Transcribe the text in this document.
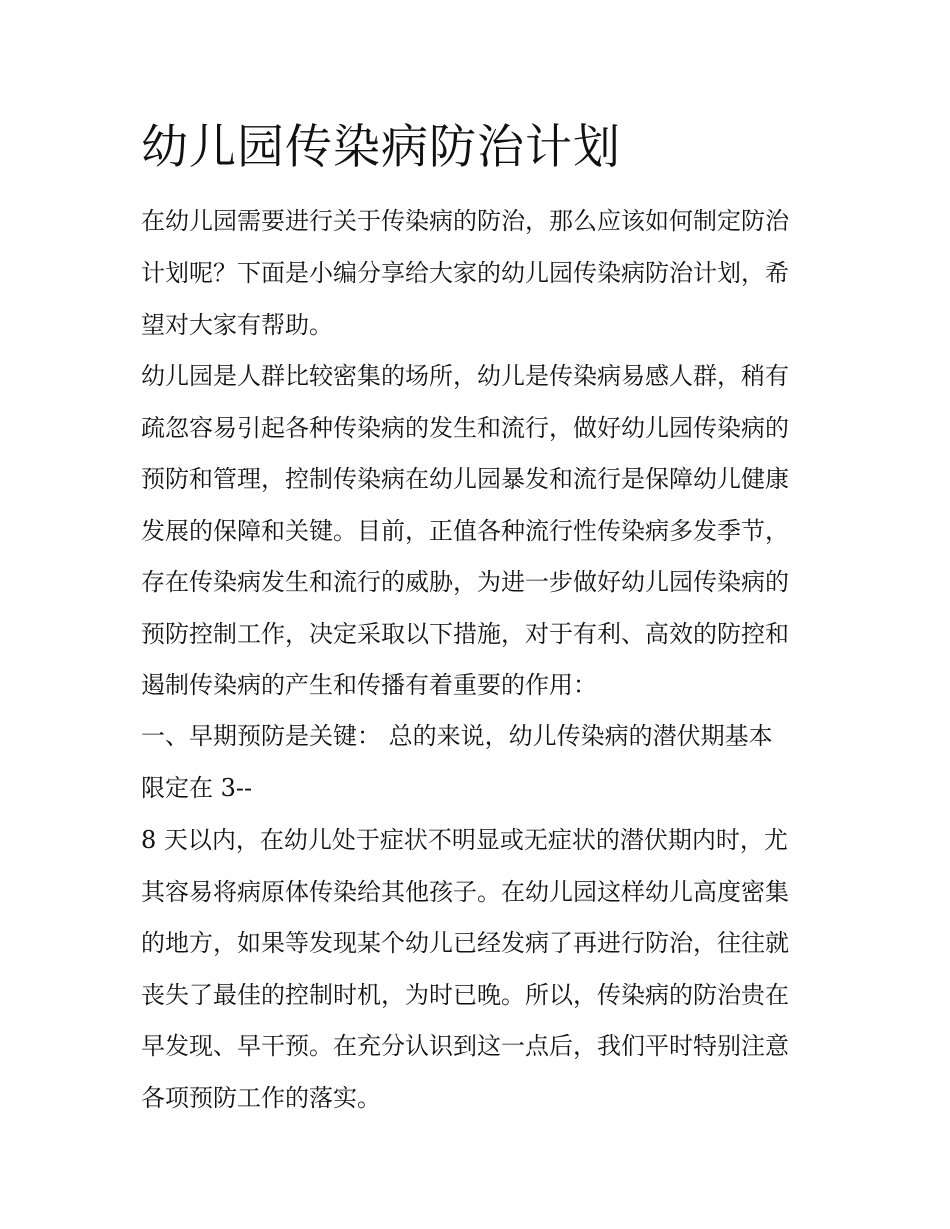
幼儿园传染病防治计划
在幼儿园需要进行关于传染病的防治，那么应该如何制定防治
计划呢？下面是小编分享给大家的幼儿园传染病防治计划，希
望对大家有帮助。
幼儿园是人群比较密集的场所，幼儿是传染病易感人群，稍有
疏忽容易引起各种传染病的发生和流行，做好幼儿园传染病的
预防和管理，控制传染病在幼儿园暴发和流行是保障幼儿健康
发展的保障和关键。目前，正值各种流行性传染病多发季节，
存在传染病发生和流行的威胁，为进一步做好幼儿园传染病的
预防控制工作，决定采取以下措施，对于有利、高效的防控和
遏制传染病的产生和传播有着重要的作用：
一、早期预防是关键： 总的来说，幼儿传染病的潜伏期基本
限定在 3--
8 天以内，在幼儿处于症状不明显或无症状的潜伏期内时，尤
其容易将病原体传染给其他孩子。在幼儿园这样幼儿高度密集
的地方，如果等发现某个幼儿已经发病了再进行防治，往往就
丧失了最佳的控制时机，为时已晚。所以，传染病的防治贵在
早发现、早干预。在充分认识到这一点后，我们平时特别注意
各项预防工作的落实。
